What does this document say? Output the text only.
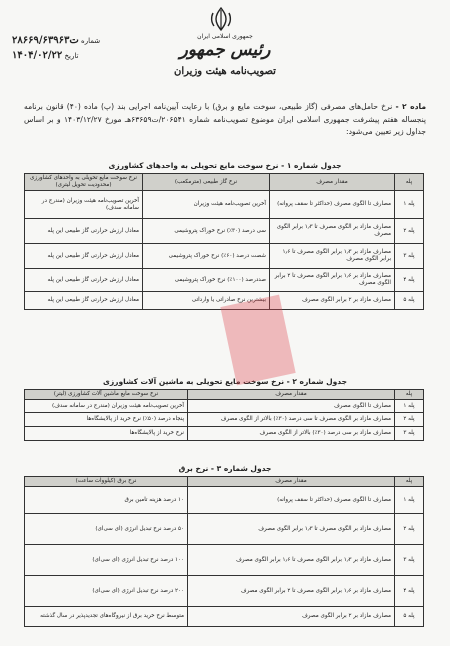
جمهوری اسلامی ایران
رئیس جمهور
تصویب‌نامه هیئت وزیران
شماره ۲۸۶۶۹/ت۶۳۹۶۳
تاریخ ۱۴۰۴/۰۲/۲۲
ماده ۲ - نرخ حامل‌های مصرفی (گاز طبیعی، سوخت مایع و برق) با رعایت آیین‌نامه اجرایی بند (پ) ماده (۴۰) قانون برنامه پنجساله هفتم پیشرفت جمهوری اسلامی ایران موضوع تصویب‌نامه شماره ۲۰۶۵۴۱/ت۶۳۶۵۹هـ مورخ ۱۴۰۳/۱۲/۲۷ و بر اساس جداول زیر تعیین می‌شود:
جدول شماره ۱ - نرخ سوخت مایع تحویلی به واحدهای کشاورزی
پله	مقدار مصرف	نرخ گاز طبیعی (مترمکعب)	نرخ سوخت مایع تحویلی به واحدهای کشاورزی (محدودیت تحویل لیتری)
پله ۱	مصارف تا الگوی مصرف (حداکثر تا سقف پروانه)	آخرین تصویب‌نامه هیئت وزیران	آخرین تصویب‌نامه هیئت وزیران (مندرج در سامانه سدف)
پله ۲	مصارف مازاد بر الگوی مصرف تا ۱٫۳ برابر الگوی مصرف	سی درصد (۳۰٪) نرخ خوراک پتروشیمی	معادل ارزش حرارتی گاز طبیعی این پله
پله ۳	مصارف مازاد بر ۱٫۳ برابر الگوی مصرف تا ۱٫۶ برابر الگوی مصرف	شصت درصد (۶۰٪) نرخ خوراک پتروشیمی	معادل ارزش حرارتی گاز طبیعی این پله
پله ۴	مصارف مازاد بر ۱٫۶ برابر الگوی مصرف تا ۲ برابر الگوی مصرف	صددرصد (۱۰۰٪) نرخ خوراک پتروشیمی	معادل ارزش حرارتی گاز طبیعی این پله
پله ۵	مصارف مازاد بر ۲ برابر الگوی مصرف	بیشترین نرخ صادراتی یا وارداتی	معادل ارزش حرارتی گاز طبیعی این پله
جدول شماره ۲ - نرخ سوخت مایع تحویلی به ماشین آلات کشاورزی
پله	مقدار مصرف	نرخ سوخت مایع ماشین آلات کشاورزی (لیتر)
پله ۱	مصارف تا الگوی مصرف	آخرین تصویب‌نامه هیئت وزیران (مندرج در سامانه سدف)
پله ۲	مصارف مازاد بر الگوی مصرف تا سی درصد (۳۰٪) بالاتر از الگوی مصرف	پنجاه درصد (۵۰٪) نرخ خرید از پالایشگاه‌ها
پله ۳	مصارف مازاد بر سی درصد (۳۰٪) بالاتر از الگوی مصرف	نرخ خرید از پالایشگاه‌ها
جدول شماره ۳ - نرخ برق
پله	مقدار مصرف	نرخ برق (کیلووات ساعت)
پله ۱	مصارف تا الگوی مصرف (حداکثر تا سقف پروانه)	۱۰ درصد هزینه تامین برق
پله ۲	مصارف مازاد بر الگوی مصرف تا ۱٫۳ برابر الگوی مصرف	۵۰ درصد نرخ تبدیل انرژی (ای سی‌ای)
پله ۳	مصارف مازاد بر ۱٫۳ برابر الگوی مصرف تا ۱٫۶ برابر الگوی مصرف	۱۰۰ درصد نرخ تبدیل انرژی (ای سی‌ای)
پله ۴	مصارف مازاد بر ۱٫۶ برابر الگوی مصرف تا ۲ برابر الگوی مصرف	۲۰۰ درصد نرخ تبدیل انرژی (ای سی‌ای)
پله ۵	مصارف مازاد بر ۲ برابر الگوی مصرف	متوسط نرخ خرید برق از نیروگاه‌های تجدیدپذیر در سال گذشته
